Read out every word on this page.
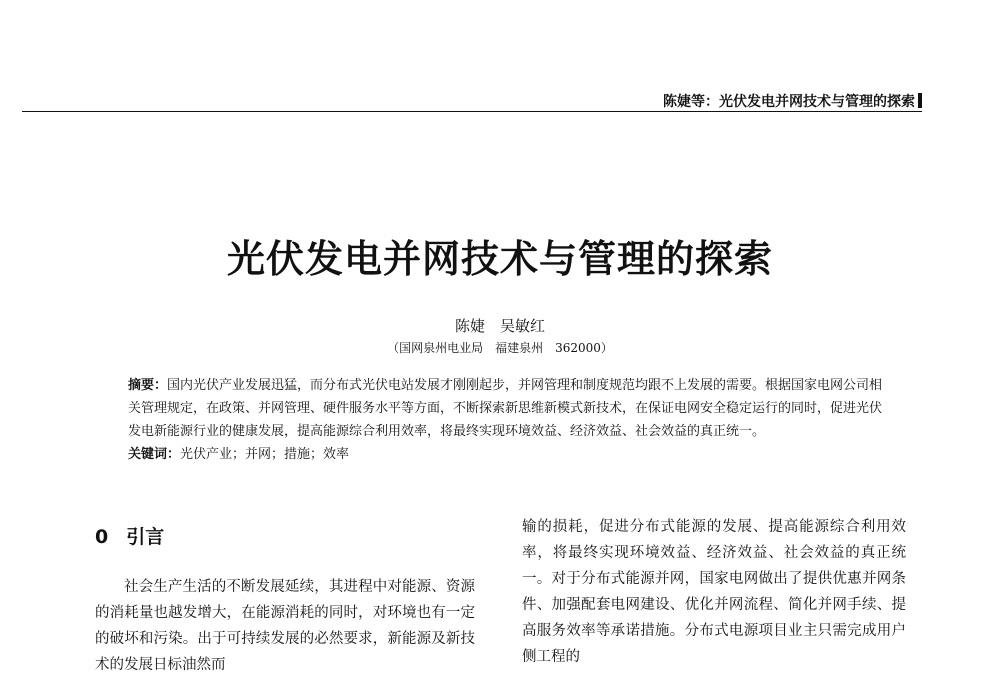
陈婕等：光伏发电并网技术与管理的探索
光伏发电并网技术与管理的探索
陈婕　吴敏红
（国网泉州电业局　福建泉州　362000）

摘要：国内光伏产业发展迅猛，而分布式光伏电站发展才刚刚起步，并网管理和制度规范均跟不上发展的需要。根据国家电网公司相关管理规定，在政策、并网管理、硬件服务水平等方面，不断探索新思维新模式新技术，在保证电网安全稳定运行的同时，促进光伏发电新能源行业的健康发展，提高能源综合利用效率，将最终实现环境效益、经济效益、社会效益的真正统一。

关键词：光伏产业；并网；措施；效率

0 引言

社会生产生活的不断发展延续，其进程中对能源、资源的消耗量也越发增大，在能源消耗的同时，对环境也有一定的破坏和污染。出于可持续发展的必然要求，新能源及新技术的发展日标油然而

输的损耗，促进分布式能源的发展、提高能源综合利用效率，将最终实现环境效益、经济效益、社会效益的真正统一。对于分布式能源并网，国家电网做出了提供优惠并网条件、加强配套电网建设、优化并网流程、简化并网手续、提高服务效率等承诺措施。分布式电源项目业主只需完成用户侧工程的
